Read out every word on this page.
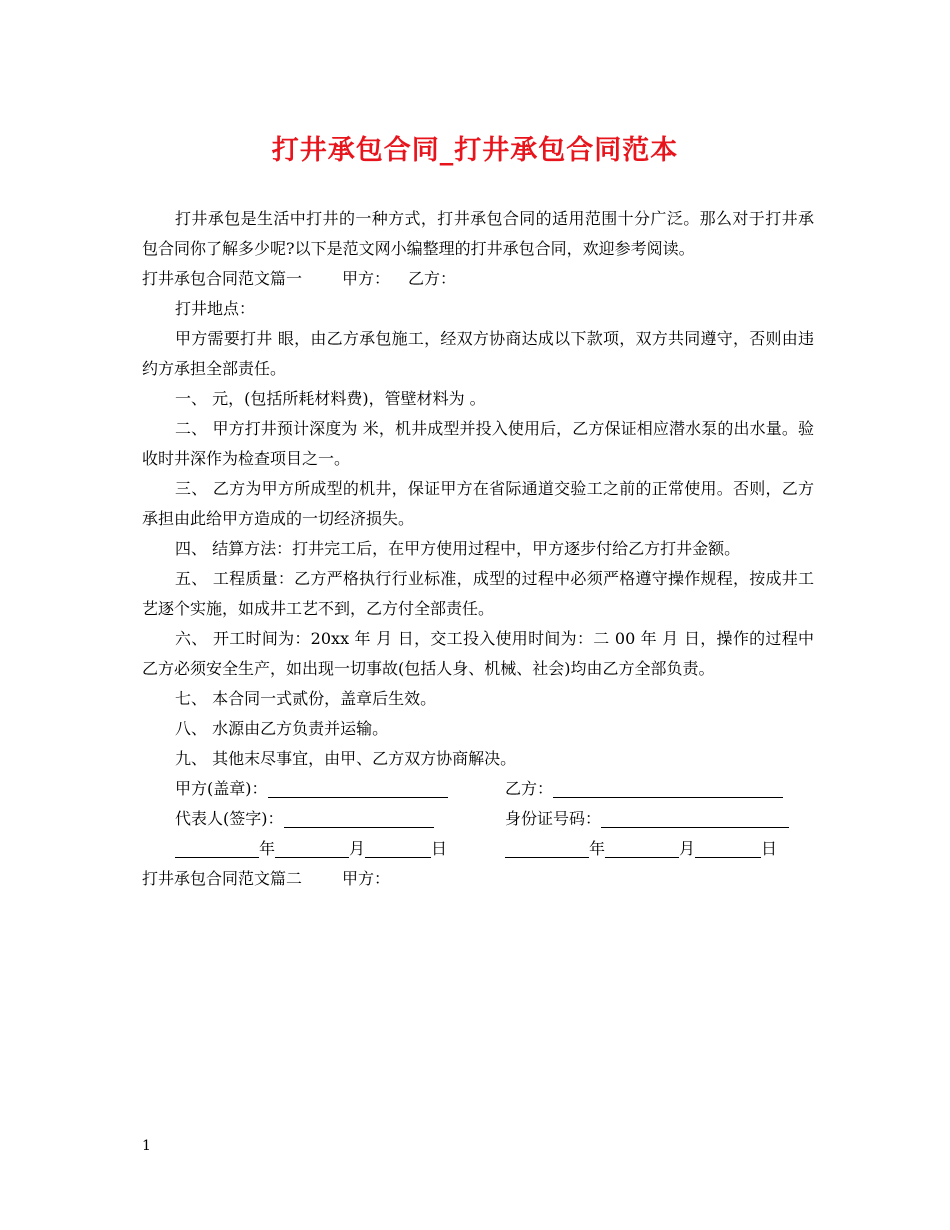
打井承包合同_打井承包合同范本

打井承包是生活中打井的一种方式，打井承包合同的适用范围十分广泛。那么对于打井承包合同你了解多少呢?以下是范文网小编整理的打井承包合同，欢迎参考阅读。

打井承包合同范文篇一	甲方： 乙方：

打井地点：

甲方需要打井 眼，由乙方承包施工，经双方协商达成以下款项，双方共同遵守，否则由违约方承担全部责任。

一、 元，(包括所耗材料费)，管壁材料为 。

二、 甲方打井预计深度为 米，机井成型并投入使用后，乙方保证相应潜水泵的出水量。验收时井深作为检查项目之一。

三、 乙方为甲方所成型的机井，保证甲方在省际通道交验工之前的正常使用。否则，乙方承担由此给甲方造成的一切经济损失。

四、 结算方法：打井完工后，在甲方使用过程中，甲方逐步付给乙方打井金额。

五、 工程质量：乙方严格执行行业标准，成型的过程中必须严格遵守操作规程，按成井工艺逐个实施，如成井工艺不到，乙方付全部责任。

六、 开工时间为：20xx 年 月 日，交工投入使用时间为：二 00 年 月 日，操作的过程中乙方必须安全生产，如出现一切事故(包括人身、机械、社会)均由乙方全部负责。

七、 本合同一式贰份，盖章后生效。

八、 水源由乙方负责并运输。

九、 其他末尽事宜，由甲、乙方双方协商解决。

甲方(盖章)：	乙方：
代表人(签字)：	身份证号码：
年	月	日	年	月	日

打井承包合同范文篇二	甲方：

1
